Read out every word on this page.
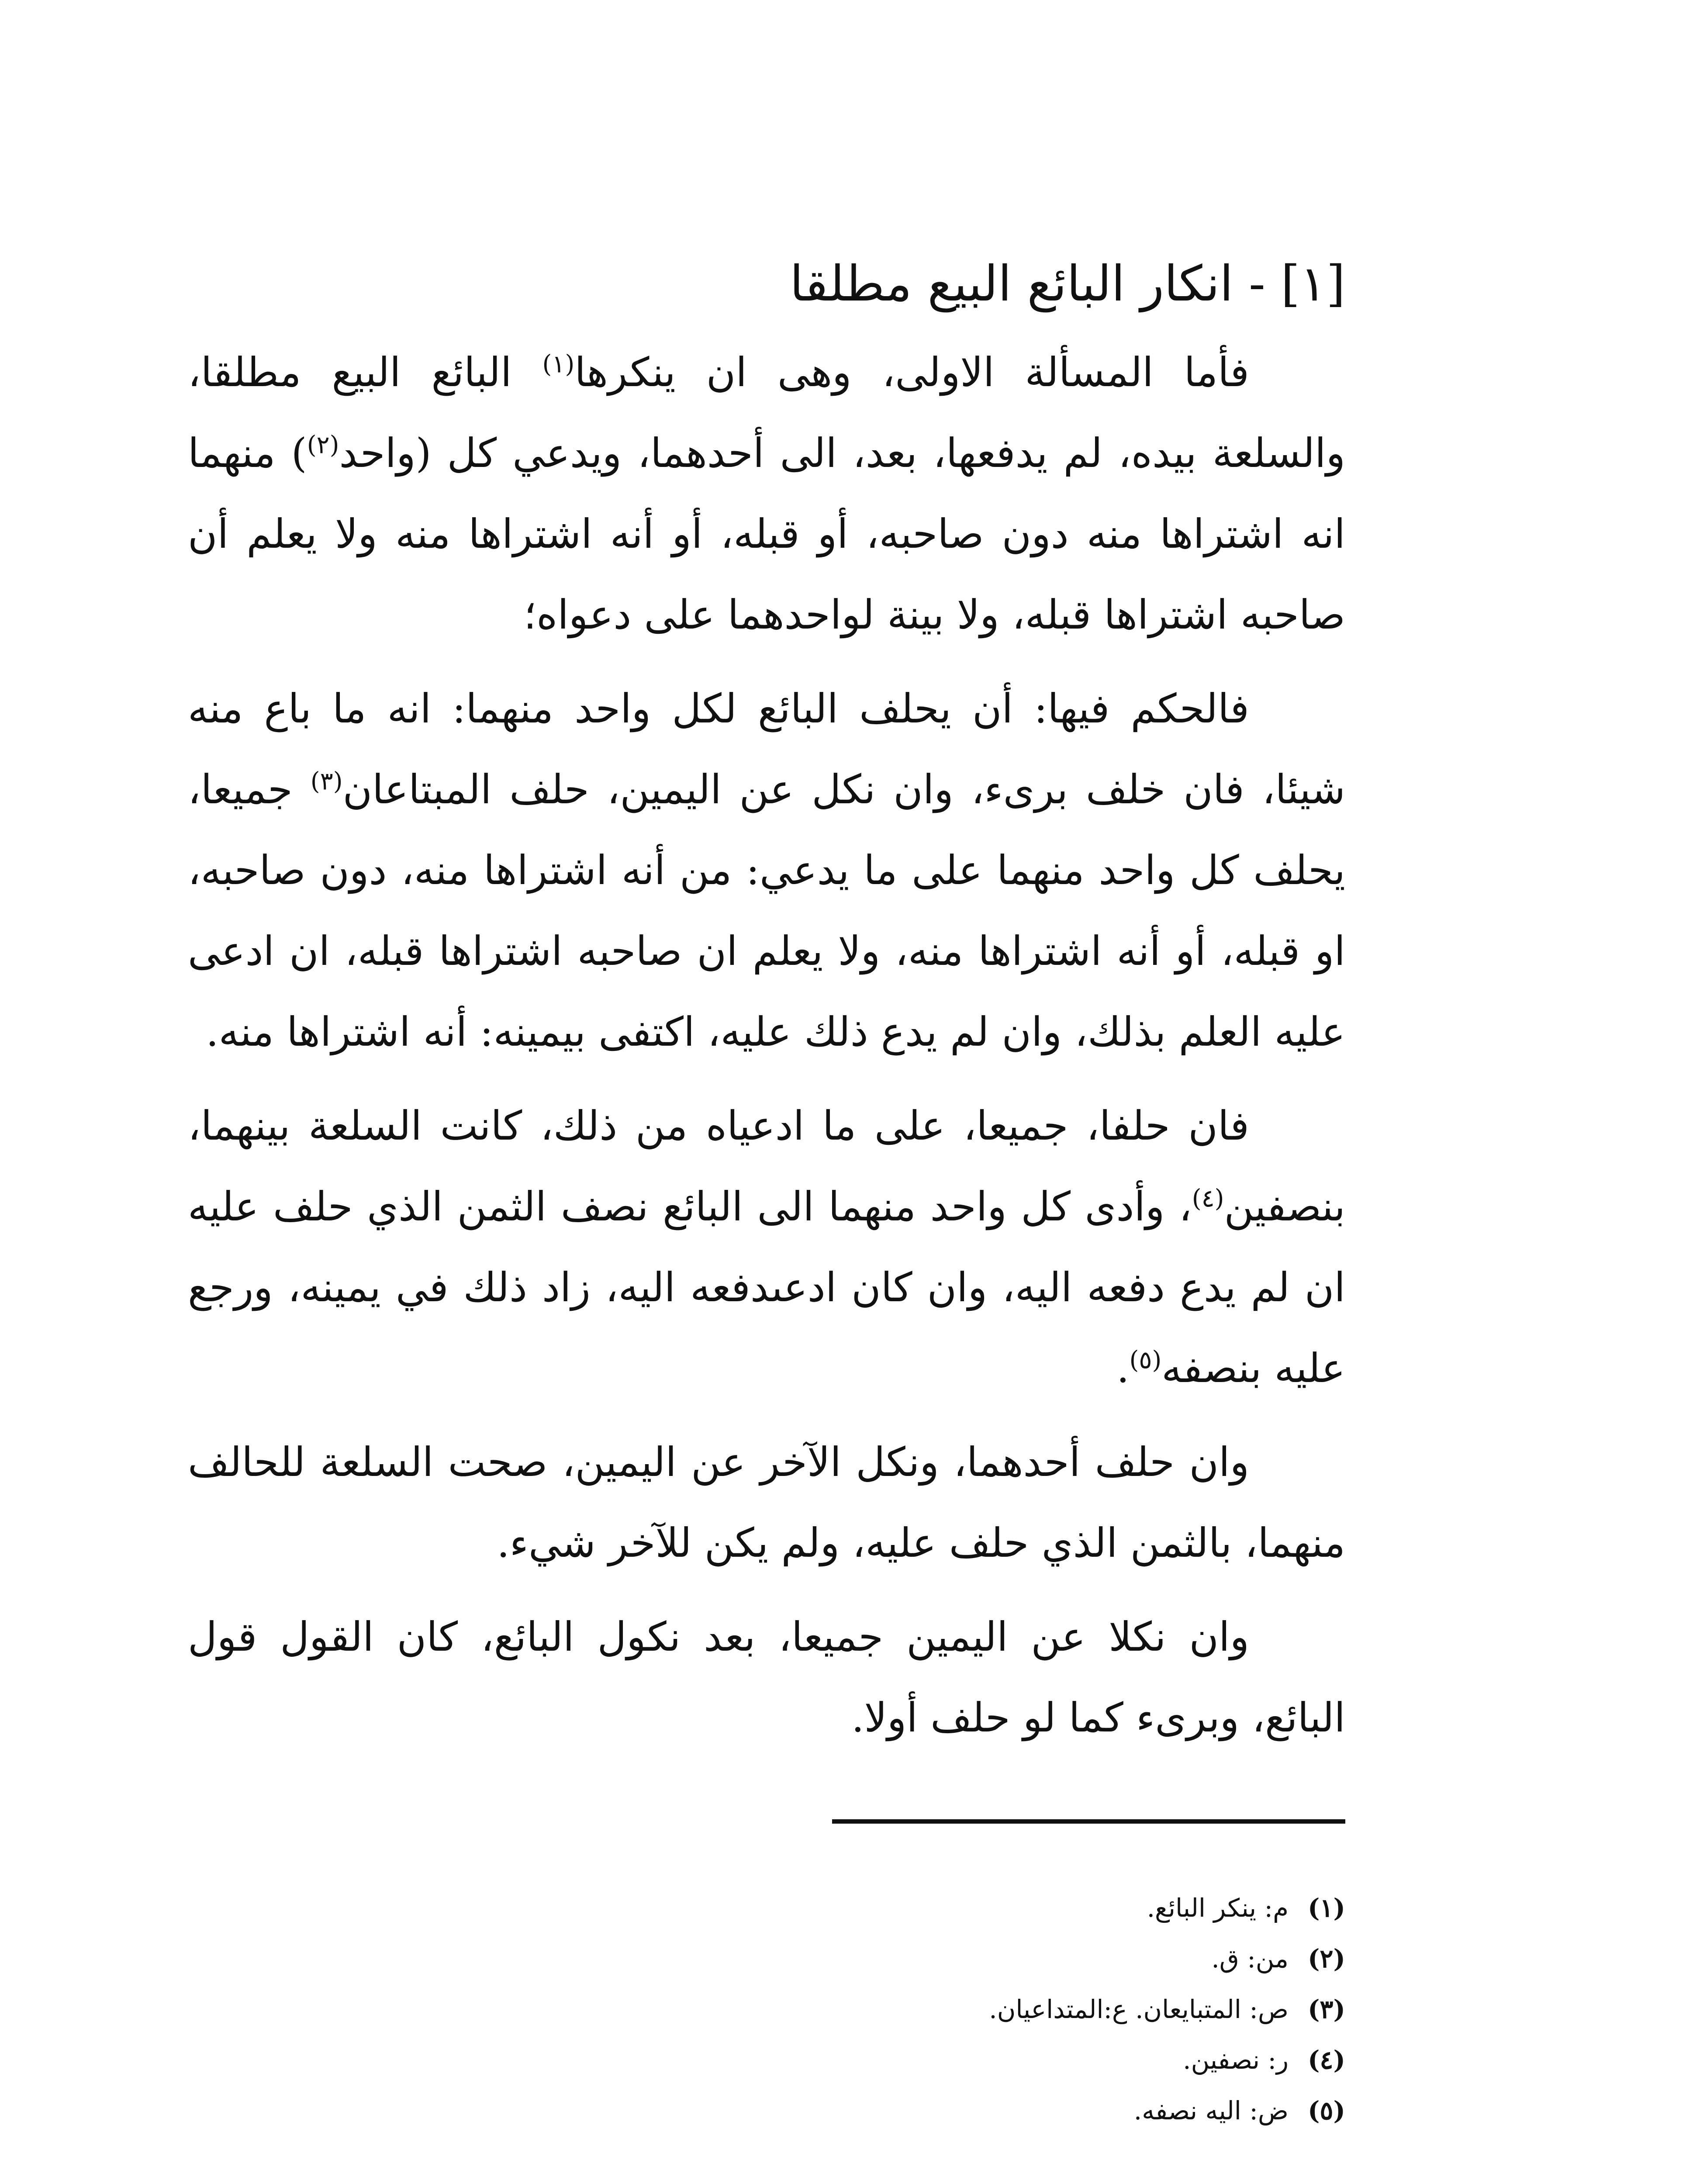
[١] - انكار البائع البيع مطلقا

فأما المسألة الاولى، وهى ان ينكرها$^{(١)}$ البائع البيع مطلقا، والسلعة بيده، لم يدفعها، بعد، الى أحدهما، ويدعي كل (واحد$^{(٢)}$) منهما انه اشتراها منه دون صاحبه، أو قبله، أو أنه اشتراها منه ولا يعلم أن صاحبه اشتراها قبله، ولا بينة لواحدهما على دعواه؛

فالحكم فيها: أن يحلف البائع لكل واحد منهما: انه ما باع منه شيئا، فان خلف برىء، وان نكل عن اليمين، حلف المبتاعان$^{(٣)}$ جميعا، يحلف كل واحد منهما على ما يدعي: من أنه اشتراها منه، دون صاحبه، او قبله، أو أنه اشتراها منه، ولا يعلم ان صاحبه اشتراها قبله، ان ادعى عليه العلم بذلك، وان لم يدع ذلك عليه، اكتفى بيمينه: أنه اشتراها منه.

فان حلفا، جميعا، على ما ادعياه من ذلك، كانت السلعة بينهما، بنصفين$^{(٤)}$، وأدى كل واحد منهما الى البائع نصف الثمن الذي حلف عليه ان لم يدع دفعه اليه، وان كان ادعىدفعه اليه، زاد ذلك في يمينه، ورجع عليه بنصفه$^{(٥)}$.

وان حلف أحدهما، ونكل الآخر عن اليمين، صحت السلعة للحالف منهما، بالثمن الذي حلف عليه، ولم يكن للآخر شيء.

وان نكلا عن اليمين جميعا، بعد نكول البائع، كان القول قول البائع، وبرىء كما لو حلف أولا.

(١)م: ينكر البائع.
(٢)من: ق.
(٣)ص: المتبايعان. ع:المتداعيان.
(٤)ر: نصفين.
(٥)ض: اليه نصفه.
